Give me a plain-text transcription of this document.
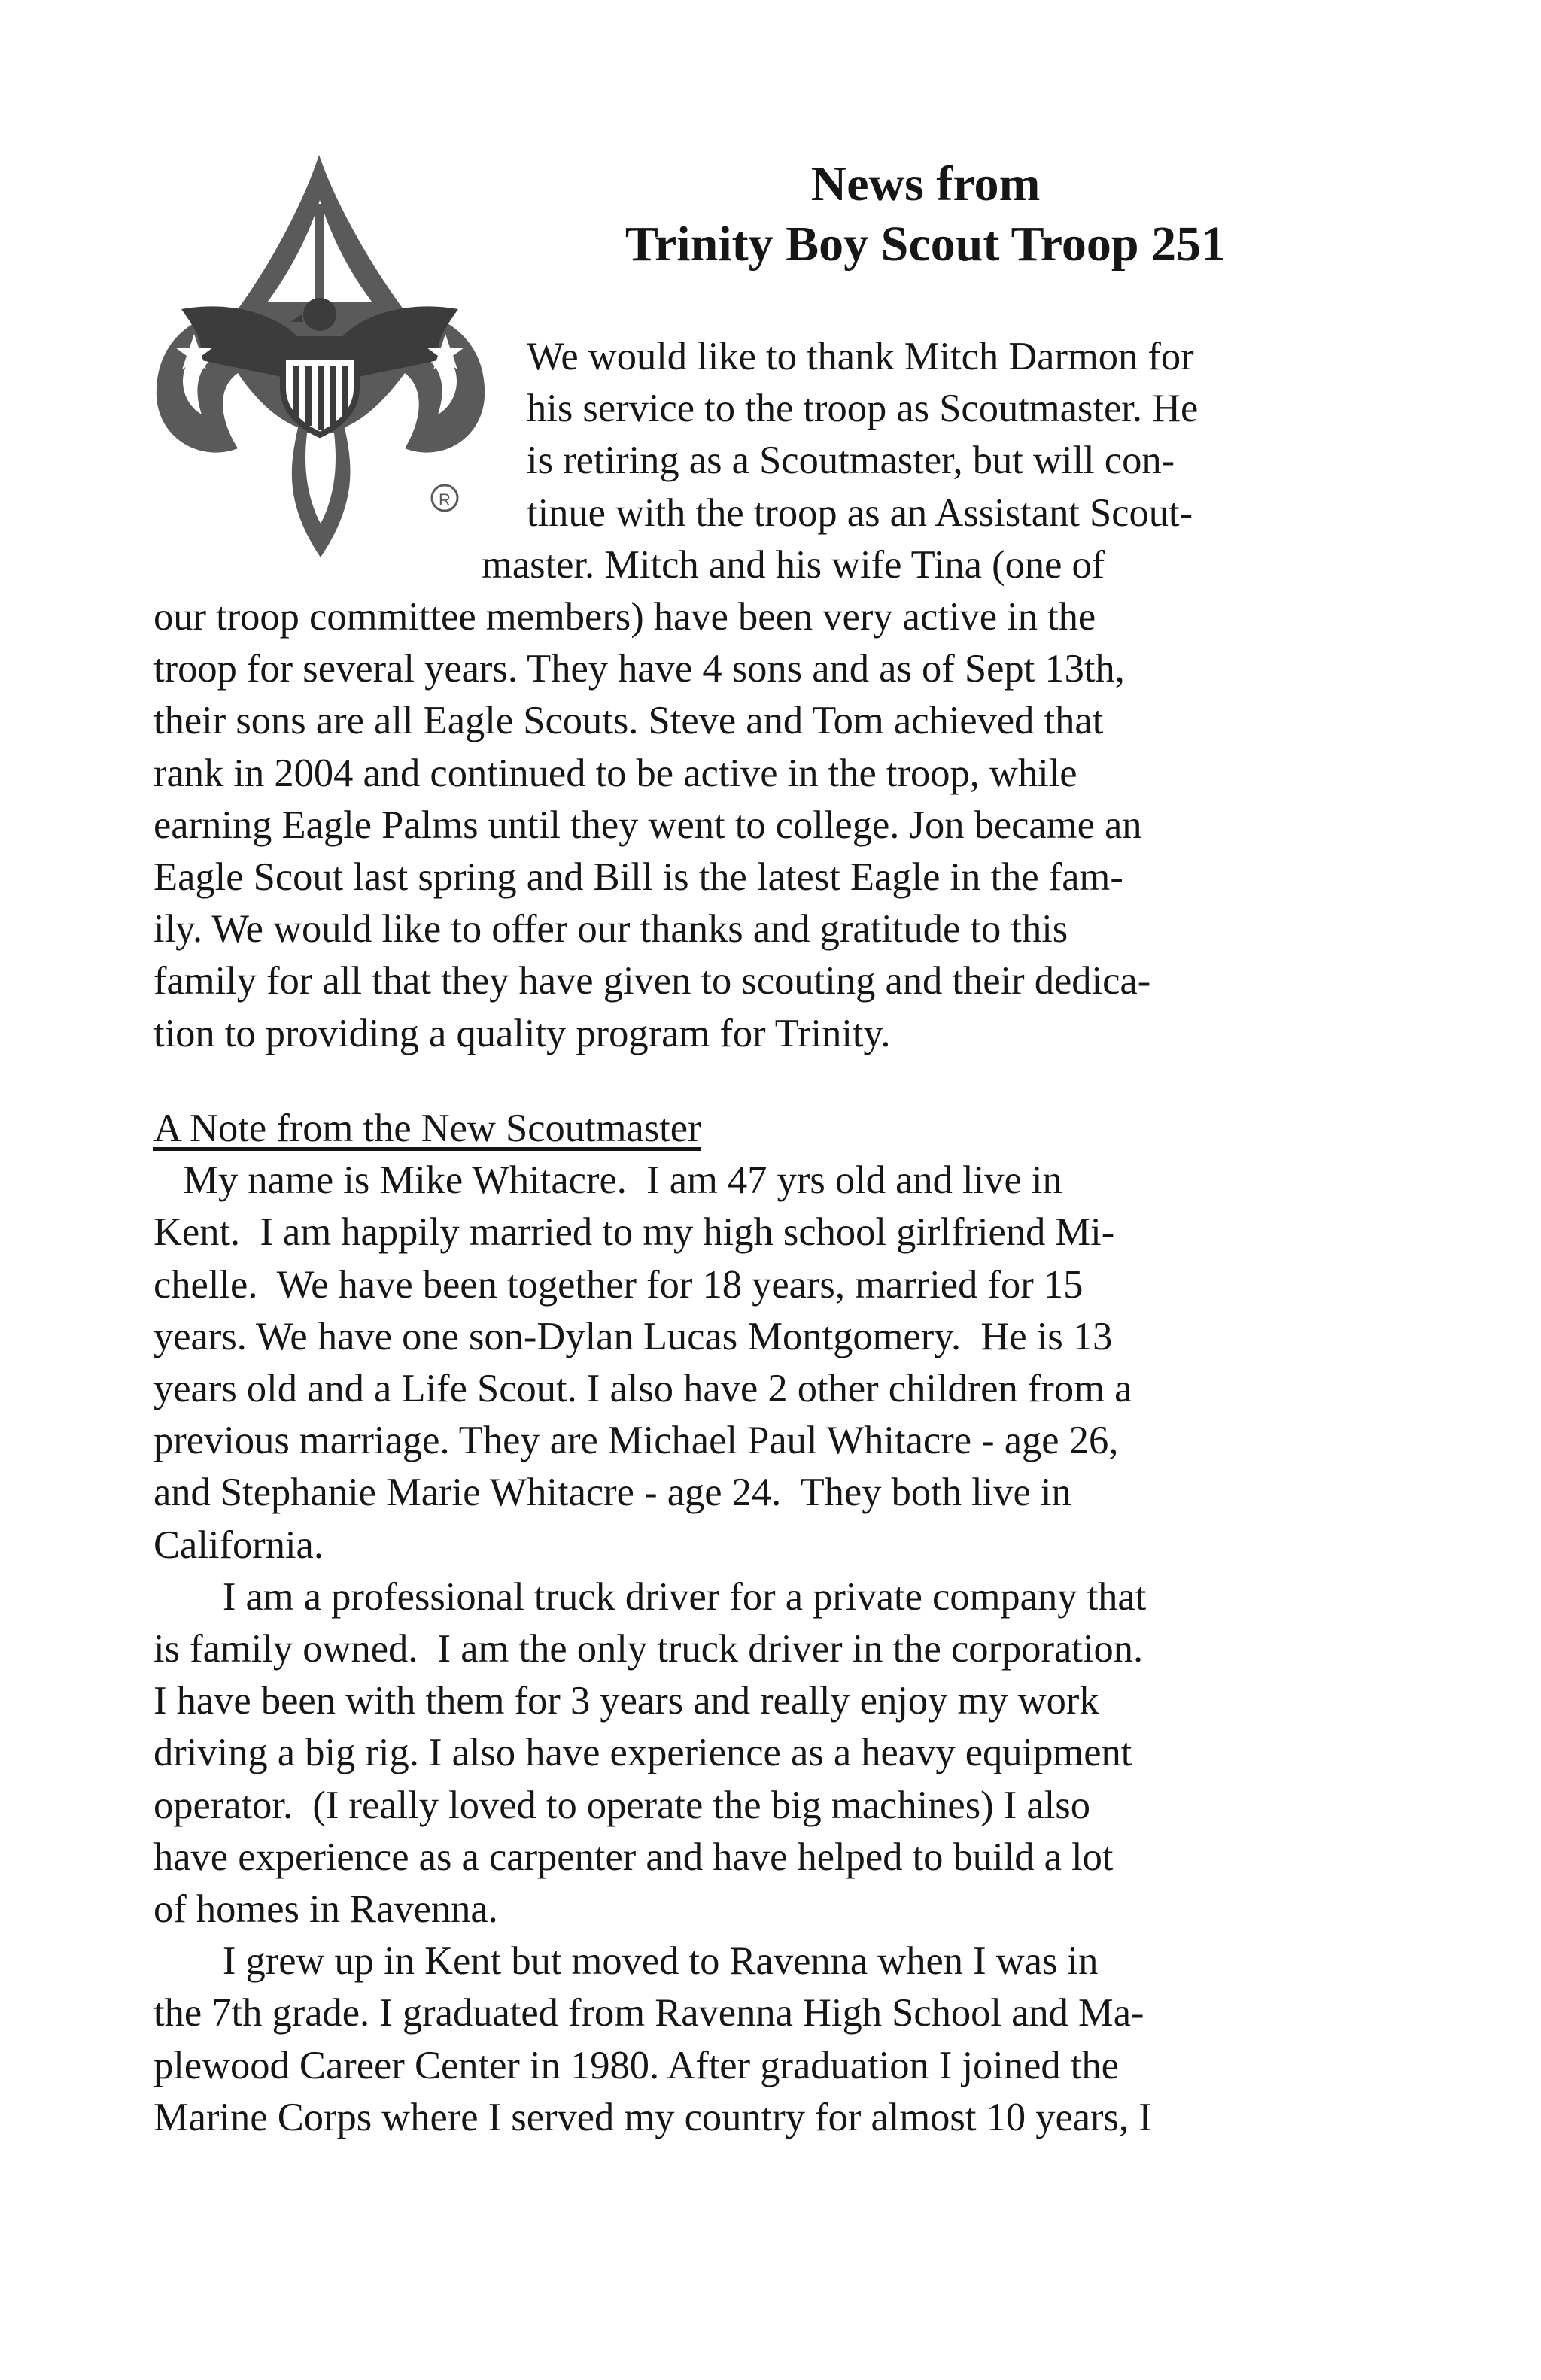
R
News from
Trinity Boy Scout Troop 251
We would like to thank Mitch Darmon for
his service to the troop as Scoutmaster. He
is retiring as a Scoutmaster, but will con-
tinue with the troop as an Assistant Scout-
master. Mitch and his wife Tina (one of
our troop committee members) have been very active in the
troop for several years. They have 4 sons and as of Sept 13th,
their sons are all Eagle Scouts. Steve and Tom achieved that
rank in 2004 and continued to be active in the troop, while
earning Eagle Palms until they went to college. Jon became an
Eagle Scout last spring and Bill is the latest Eagle in the fam-
ily. We would like to offer our thanks and gratitude to this
family for all that they have given to scouting and their dedica-
tion to providing a quality program for Trinity.
A Note from the New Scoutmaster
My name is Mike Whitacre.  I am 47 yrs old and live in
Kent.  I am happily married to my high school girlfriend Mi-
chelle.  We have been together for 18 years, married for 15
years. We have one son-Dylan Lucas Montgomery.  He is 13
years old and a Life Scout. I also have 2 other children from a
previous marriage. They are Michael Paul Whitacre - age 26,
and Stephanie Marie Whitacre - age 24.  They both live in
California.
I am a professional truck driver for a private company that
is family owned.  I am the only truck driver in the corporation.
I have been with them for 3 years and really enjoy my work
driving a big rig. I also have experience as a heavy equipment
operator.  (I really loved to operate the big machines) I also
have experience as a carpenter and have helped to build a lot
of homes in Ravenna.
I grew up in Kent but moved to Ravenna when I was in
the 7th grade. I graduated from Ravenna High School and Ma-
plewood Career Center in 1980. After graduation I joined the
Marine Corps where I served my country for almost 10 years, I
